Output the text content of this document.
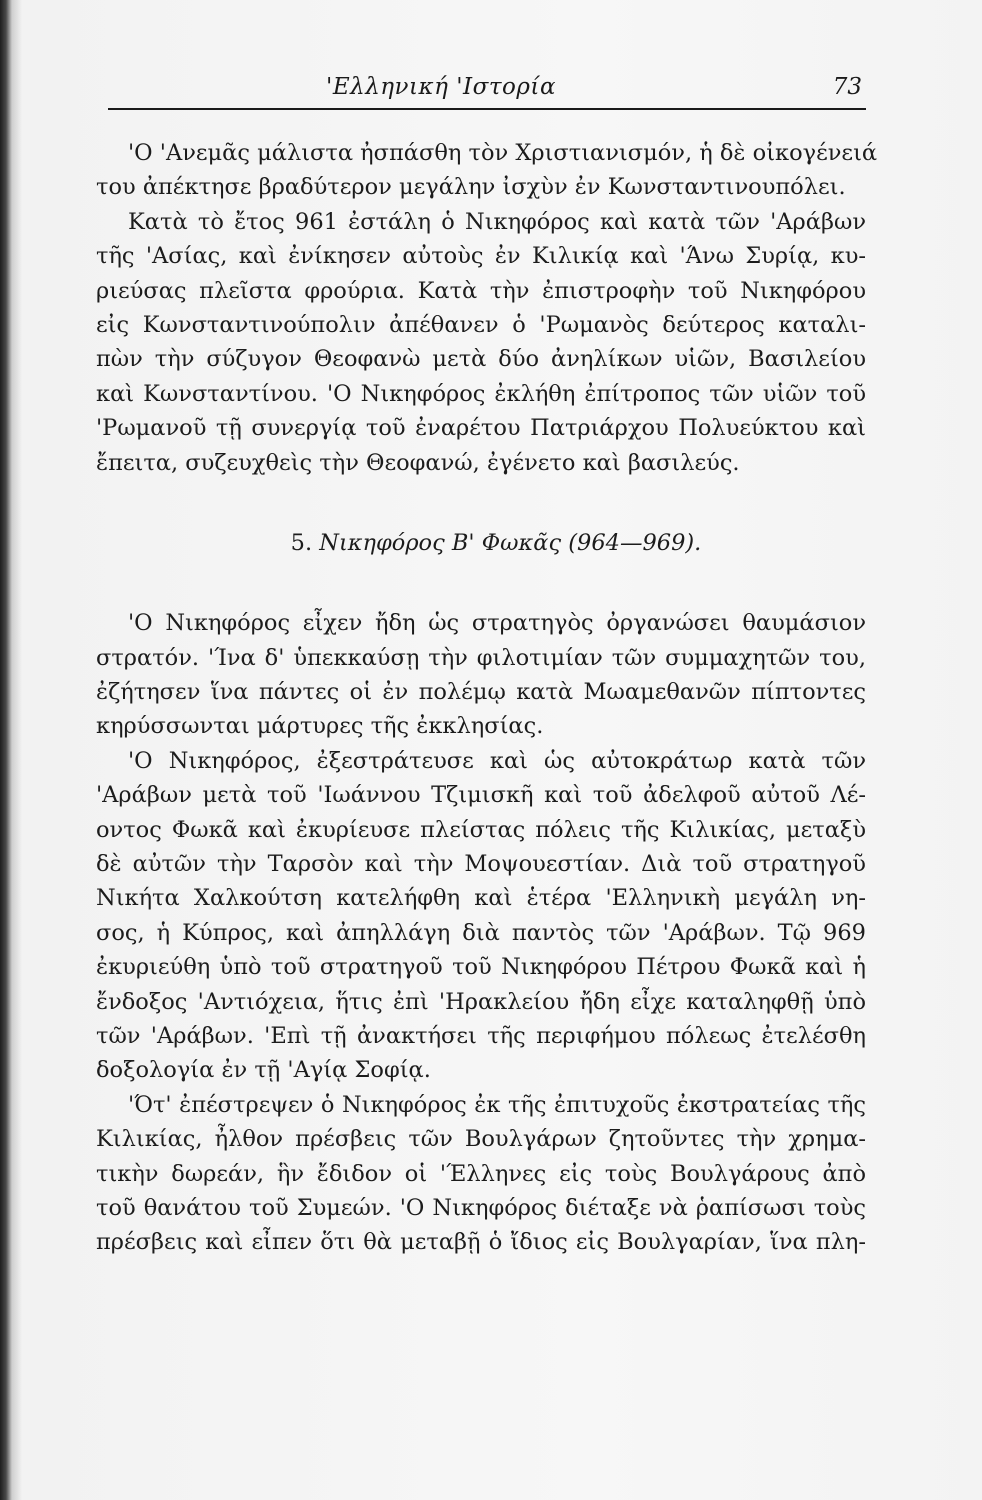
'Ελληνική 'Ιστορία	73
'Ο 'Ανεμᾶς μάλιστα ἠσπάσθη τὸν Χριστιανισμόν, ἡ δὲ οἰκογένειά
του ἀπέκτησε βραδύτερον μεγάλην ἰσχὺν ἐν Κωνσταντινουπόλει.
Κατὰ τὸ ἔτος 961 ἐστάλη ὁ Νικηφόρος καὶ κατὰ τῶν 'Αράβων
τῆς 'Ασίας, καὶ ἐνίκησεν αὐτοὺς ἐν Κιλικίᾳ καὶ 'Άνω Συρίᾳ, κυ-
ριεύσας πλεῖστα φρούρια. Κατὰ τὴν ἐπιστροφὴν τοῦ Νικηφόρου
εἰς Κωνσταντινούπολιν ἀπέθανεν ὁ 'Ρωμανὸς δεύτερος καταλι-
πὼν τὴν σύζυγον Θεοφανὼ μετὰ δύο ἀνηλίκων υἱῶν, Βασιλείου
καὶ Κωνσταντίνου. 'Ο Νικηφόρος ἐκλήθη ἐπίτροπος τῶν υἱῶν τοῦ
'Ρωμανοῦ τῇ συνεργίᾳ τοῦ ἐναρέτου Πατριάρχου Πολυεύκτου καὶ
ἔπειτα, συζευχθεὶς τὴν Θεοφανώ, ἐγένετο καὶ βασιλεύς.
5. Νικηφόρος Β' Φωκᾶς (964—969).
'Ο Νικηφόρος εἶχεν ἤδη ὡς στρατηγὸς ὀργανώσει θαυμάσιον
στρατόν. 'Ίνα δ' ὑπεκκαύσῃ τὴν φιλοτιμίαν τῶν συμμαχητῶν του,
ἐζήτησεν ἵνα πάντες οἱ ἐν πολέμῳ κατὰ Μωαμεθανῶν πίπτοντες
κηρύσσωνται μάρτυρες τῆς ἐκκλησίας.
'Ο Νικηφόρος, ἐξεστράτευσε καὶ ὡς αὐτοκράτωρ κατὰ τῶν
'Αράβων μετὰ τοῦ 'Ιωάννου Τζιμισκῆ καὶ τοῦ ἀδελφοῦ αὐτοῦ Λέ-
οντος Φωκᾶ καὶ ἐκυρίευσε πλείστας πόλεις τῆς Κιλικίας, μεταξὺ
δὲ αὐτῶν τὴν Ταρσὸν καὶ τὴν Μοψουεστίαν. Διὰ τοῦ στρατηγοῦ
Νικήτα Χαλκούτση κατελήφθη καὶ ἑτέρα 'Ελληνικὴ μεγάλη νη-
σος, ἡ Κύπρος, καὶ ἀπηλλάγη διὰ παντὸς τῶν 'Αράβων. Τῷ 969
ἐκυριεύθη ὑπὸ τοῦ στρατηγοῦ τοῦ Νικηφόρου Πέτρου Φωκᾶ καὶ ἡ
ἔνδοξος 'Αντιόχεια, ἥτις ἐπὶ 'Ηρακλείου ἤδη εἶχε καταληφθῇ ὑπὸ
τῶν 'Αράβων. 'Επὶ τῇ ἀνακτήσει τῆς περιφήμου πόλεως ἐτελέσθη
δοξολογία ἐν τῇ 'Αγίᾳ Σοφίᾳ.
'Ότ' ἐπέστρεψεν ὁ Νικηφόρος ἐκ τῆς ἐπιτυχοῦς ἐκστρατείας τῆς
Κιλικίας, ἦλθον πρέσβεις τῶν Βουλγάρων ζητοῦντες τὴν χρημα-
τικὴν δωρεάν, ἣν ἔδιδον οἱ 'Έλληνες εἰς τοὺς Βουλγάρους ἀπὸ
τοῦ θανάτου τοῦ Συμεών. 'Ο Νικηφόρος διέταξε νὰ ῥαπίσωσι τοὺς
πρέσβεις καὶ εἶπεν ὅτι θὰ μεταβῇ ὁ ἴδιος εἰς Βουλγαρίαν, ἵνα πλη-
